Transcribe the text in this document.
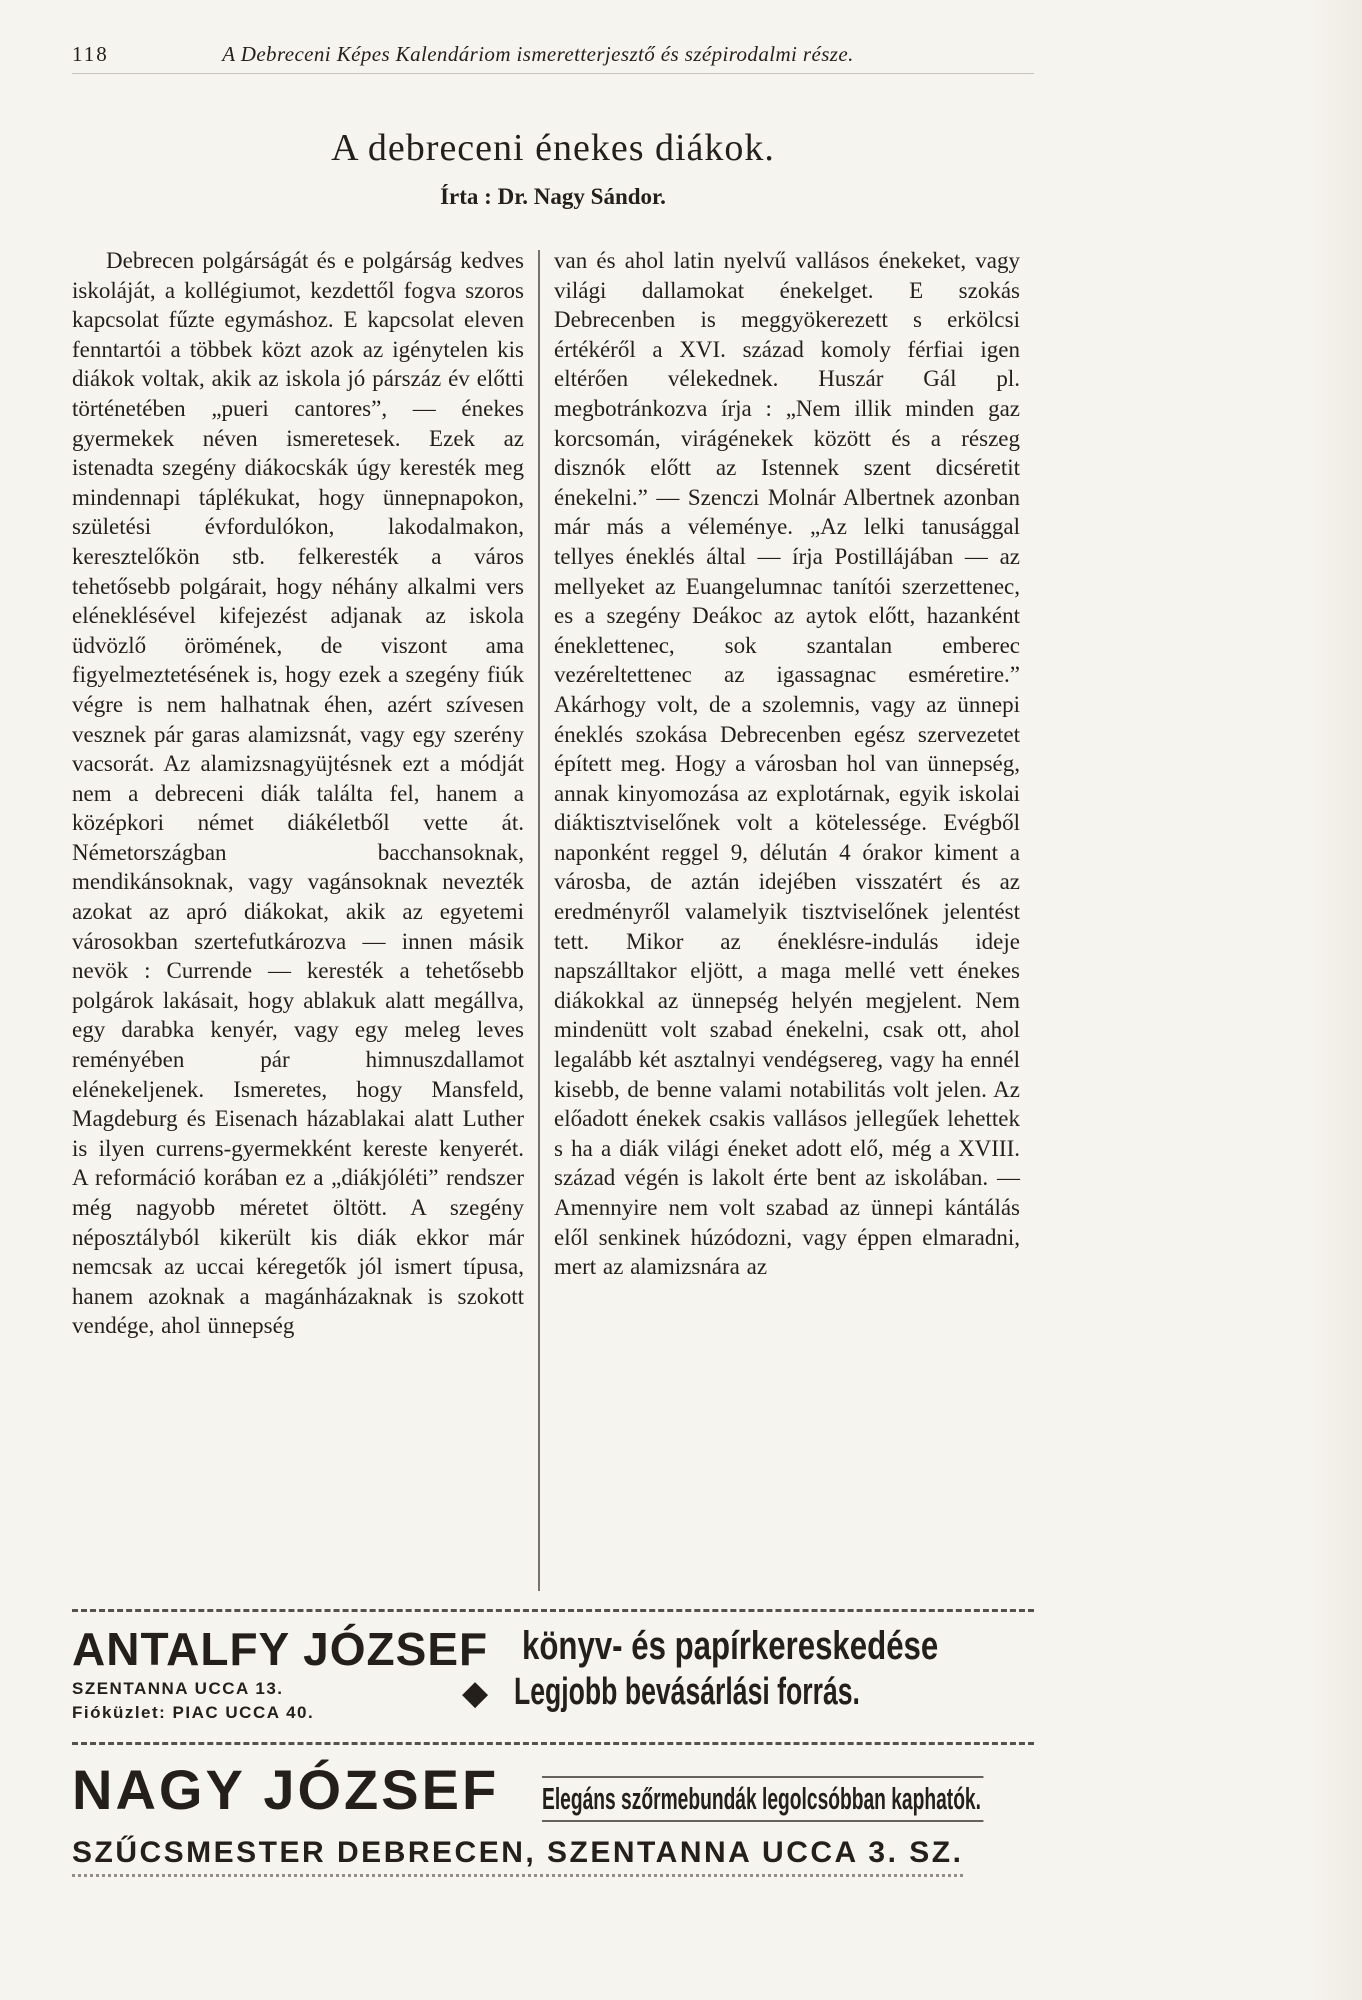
118	A Debreceni Képes Kalendáriom ismeretterjesztő és szépirodalmi része.
A debreceni énekes diákok.
Írta : Dr. Nagy Sándor.
Debrecen polgárságát és e polgárság kedves iskoláját, a kollégiumot, kezdettől fogva szoros kapcsolat fűzte egymáshoz. E kapcsolat eleven fenntartói a többek közt azok az igénytelen kis diákok voltak, akik az iskola jó párszáz év előtti történetében „pueri cantores”, — énekes gyermekek néven ismeretesek. Ezek az istenadta szegény diákocskák úgy keresték meg mindennapi táplékukat, hogy ünnepnapokon, születési évfordulókon, lakodalmakon, keresztelőkön stb. felkeresték a város tehetősebb polgárait, hogy néhány alkalmi vers eléneklésével kifejezést adjanak az iskola üdvözlő örömének, de viszont ama figyelmeztetésének is, hogy ezek a szegény fiúk végre is nem halhatnak éhen, azért szívesen vesznek pár garas alamizsnát, vagy egy szerény vacsorát. Az alamizsnagyüjtésnek ezt a módját nem a debreceni diák találta fel, hanem a középkori német diákéletből vette át. Németországban bacchansoknak, mendikánsoknak, vagy vagánsoknak nevezték azokat az apró diákokat, akik az egyetemi városokban szertefutkározva — innen másik nevök : Currende — keresték a tehetősebb polgárok lakásait, hogy ablakuk alatt megállva, egy darabka kenyér, vagy egy meleg leves reményében pár himnuszdallamot elénekeljenek. Ismeretes, hogy Mansfeld, Magdeburg és Eisenach házablakai alatt Luther is ilyen currens-gyermekként kereste kenyerét. A reformáció korában ez a „diákjóléti” rendszer még nagyobb méretet öltött. A szegény néposztályból kikerült kis diák ekkor már nemcsak az uccai kéregetők jól ismert típusa, hanem azoknak a magánházaknak is szokott vendége, ahol ünnepség
van és ahol latin nyelvű vallásos énekeket, vagy világi dallamokat énekelget. E szokás Debrecenben is meggyökerezett s erkölcsi értékéről a XVI. század komoly férfiai igen eltérően vélekednek. Huszár Gál pl. megbotránkozva írja : „Nem illik minden gaz korcsomán, virágénekek között és a részeg disznók előtt az Istennek szent dicséretit énekelni.” — Szenczi Molnár Albertnek azonban már más a véleménye. „Az lelki tanusággal tellyes éneklés által — írja Postillájában — az mellyeket az Euangelumnac tanítói szerzettenec, es a szegény Deákoc az aytok előtt, hazanként éneklettenec, sok szantalan emberec vezéreltettenec az igassagnac esméretire.” Akárhogy volt, de a szolemnis, vagy az ünnepi éneklés szokása Debrecenben egész szervezetet épített meg. Hogy a városban hol van ünnepség, annak kinyomozása az explotárnak, egyik iskolai diáktisztviselőnek volt a kötelessége. Evégből naponként reggel 9, délután 4 órakor kiment a városba, de aztán idejében visszatért és az eredményről valamelyik tisztviselőnek jelentést tett. Mikor az éneklésre-indulás ideje napszálltakor eljött, a maga mellé vett énekes diákokkal az ünnepség helyén megjelent. Nem mindenütt volt szabad énekelni, csak ott, ahol legalább két asztalnyi vendégsereg, vagy ha ennél kisebb, de benne valami notabilitás volt jelen. Az előadott énekek csakis vallásos jellegűek lehettek s ha a diák világi éneket adott elő, még a XVIII. század végén is lakolt érte bent az iskolában. — Amennyire nem volt szabad az ünnepi kántálás elől senkinek húzódozni, vagy éppen elmaradni, mert az alamizsnára az
ANTALFY JÓZSEF
SZENTANNA UCCA 13.
Fióküzlet: PIAC UCCA 40.
könyv- és papírkereskedése
◆ Legjobb bevásárlási forrás.
NAGY JÓZSEF	Elegáns szőrmebundák legolcsóbban kaphatók.
SZŰCSMESTER DEBRECEN, SZENTANNA UCCA 3. SZ.
